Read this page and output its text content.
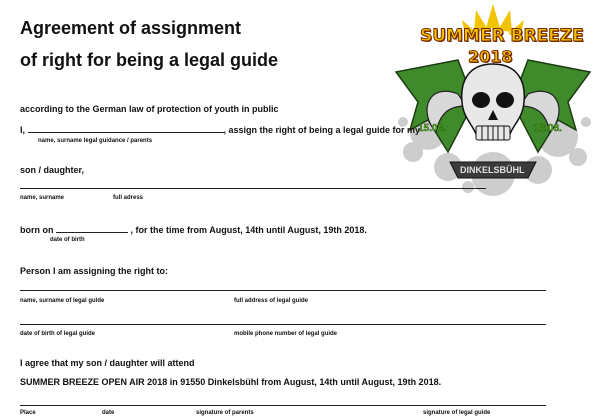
Agreement of assignment
of right for being a legal guide
SUMMER BREEZE
2018
15.08.	18.08.
DINKELSBÜHL
according to the German law of protection of youth in public
I,	, assign the right of being a legal guide for my
name, surname legal guidance / parents
son / daughter,
name, surname	full adress
born on	, for the time from August, 14th until August, 19th 2018.
date of birth
Person I am assigning the right to:
name, surname of legal guide	full address of legal guide
date of birth of legal guide	mobile phone number of legal guide
I agree that my son / daughter will attend
SUMMER BREEZE OPEN AIR 2018 in 91550 Dinkelsbühl from August, 14th until August, 19th 2018.
Place	date	signature of parents	signature of legal guide
